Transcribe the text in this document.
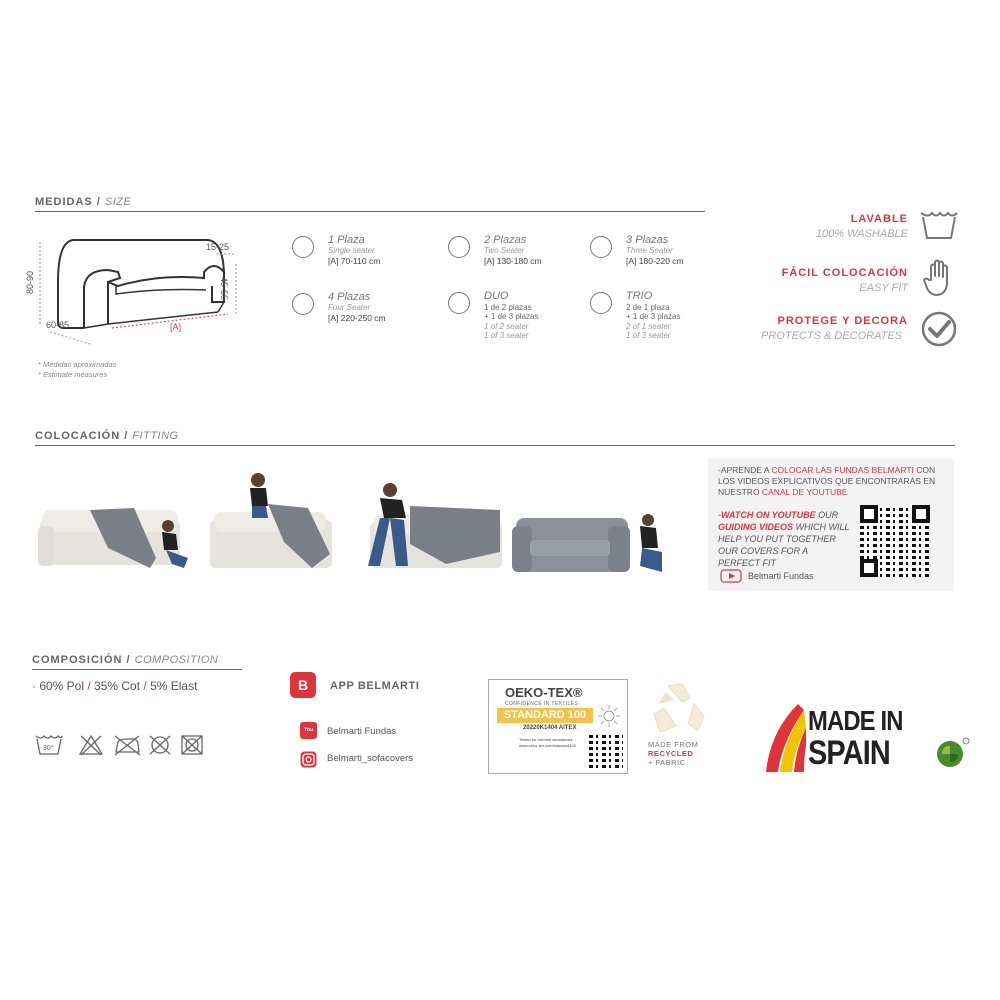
MEDIDAS / SIZE
80-90
60-85
15-25
45-55
[A]
* Medidas aproximadas
* Estimate measures
1 Plaza
Single seater
[A] 70-110 cm
2 Plazas
Two Seater
[A] 130-180 cm
3 Plazas
Three Seater
[A] 180-220 cm
4 Plazas
Four Seater
[A] 220-250 cm
DUO
1 de 2 plazas
+ 1 de 3 plazas
1 of 2 seater
1 of 3 seater
TRIO
2 de 1 plaza
+ 1 de 3 plazas
2 of 1 seater
1 of 3 seater
LAVABLE
100% WASHABLE
FÁCIL COLOCACIÓN
EASY FIT
PROTEGE Y DECORA
PROTECTS & DECORATES
COLOCACIÓN / FITTING
-APRENDE A COLOCAR LAS FUNDAS BELMARTI CON LOS VIDEOS EXPLICATIVOS QUE ENCONTRARÁS EN NUESTRO CANAL DE YOUTUBE
-WATCH ON YOUTUBE OUR GUIDING VIDEOS WHICH WILL HELP YOU PUT TOGETHER OUR COVERS FOR A PERFECT FIT
Belmarti Fundas
COMPOSICIÓN / COMPOSITION
· 60% Pol / 35% Cot / 5% Elast
30°
B	APP BELMARTI
You Tube
Belmarti Fundas
Belmarti_sofacovers
OEKO-TEX®
CONFIDENCE IN TEXTILES
STANDARD 100
20220K1404 AITEX
Tested for harmful substances.
www.oeko-tex.com/standard100	MADE FROM
RECYCLED
+ FABRIC
MADE IN
SPAIN
